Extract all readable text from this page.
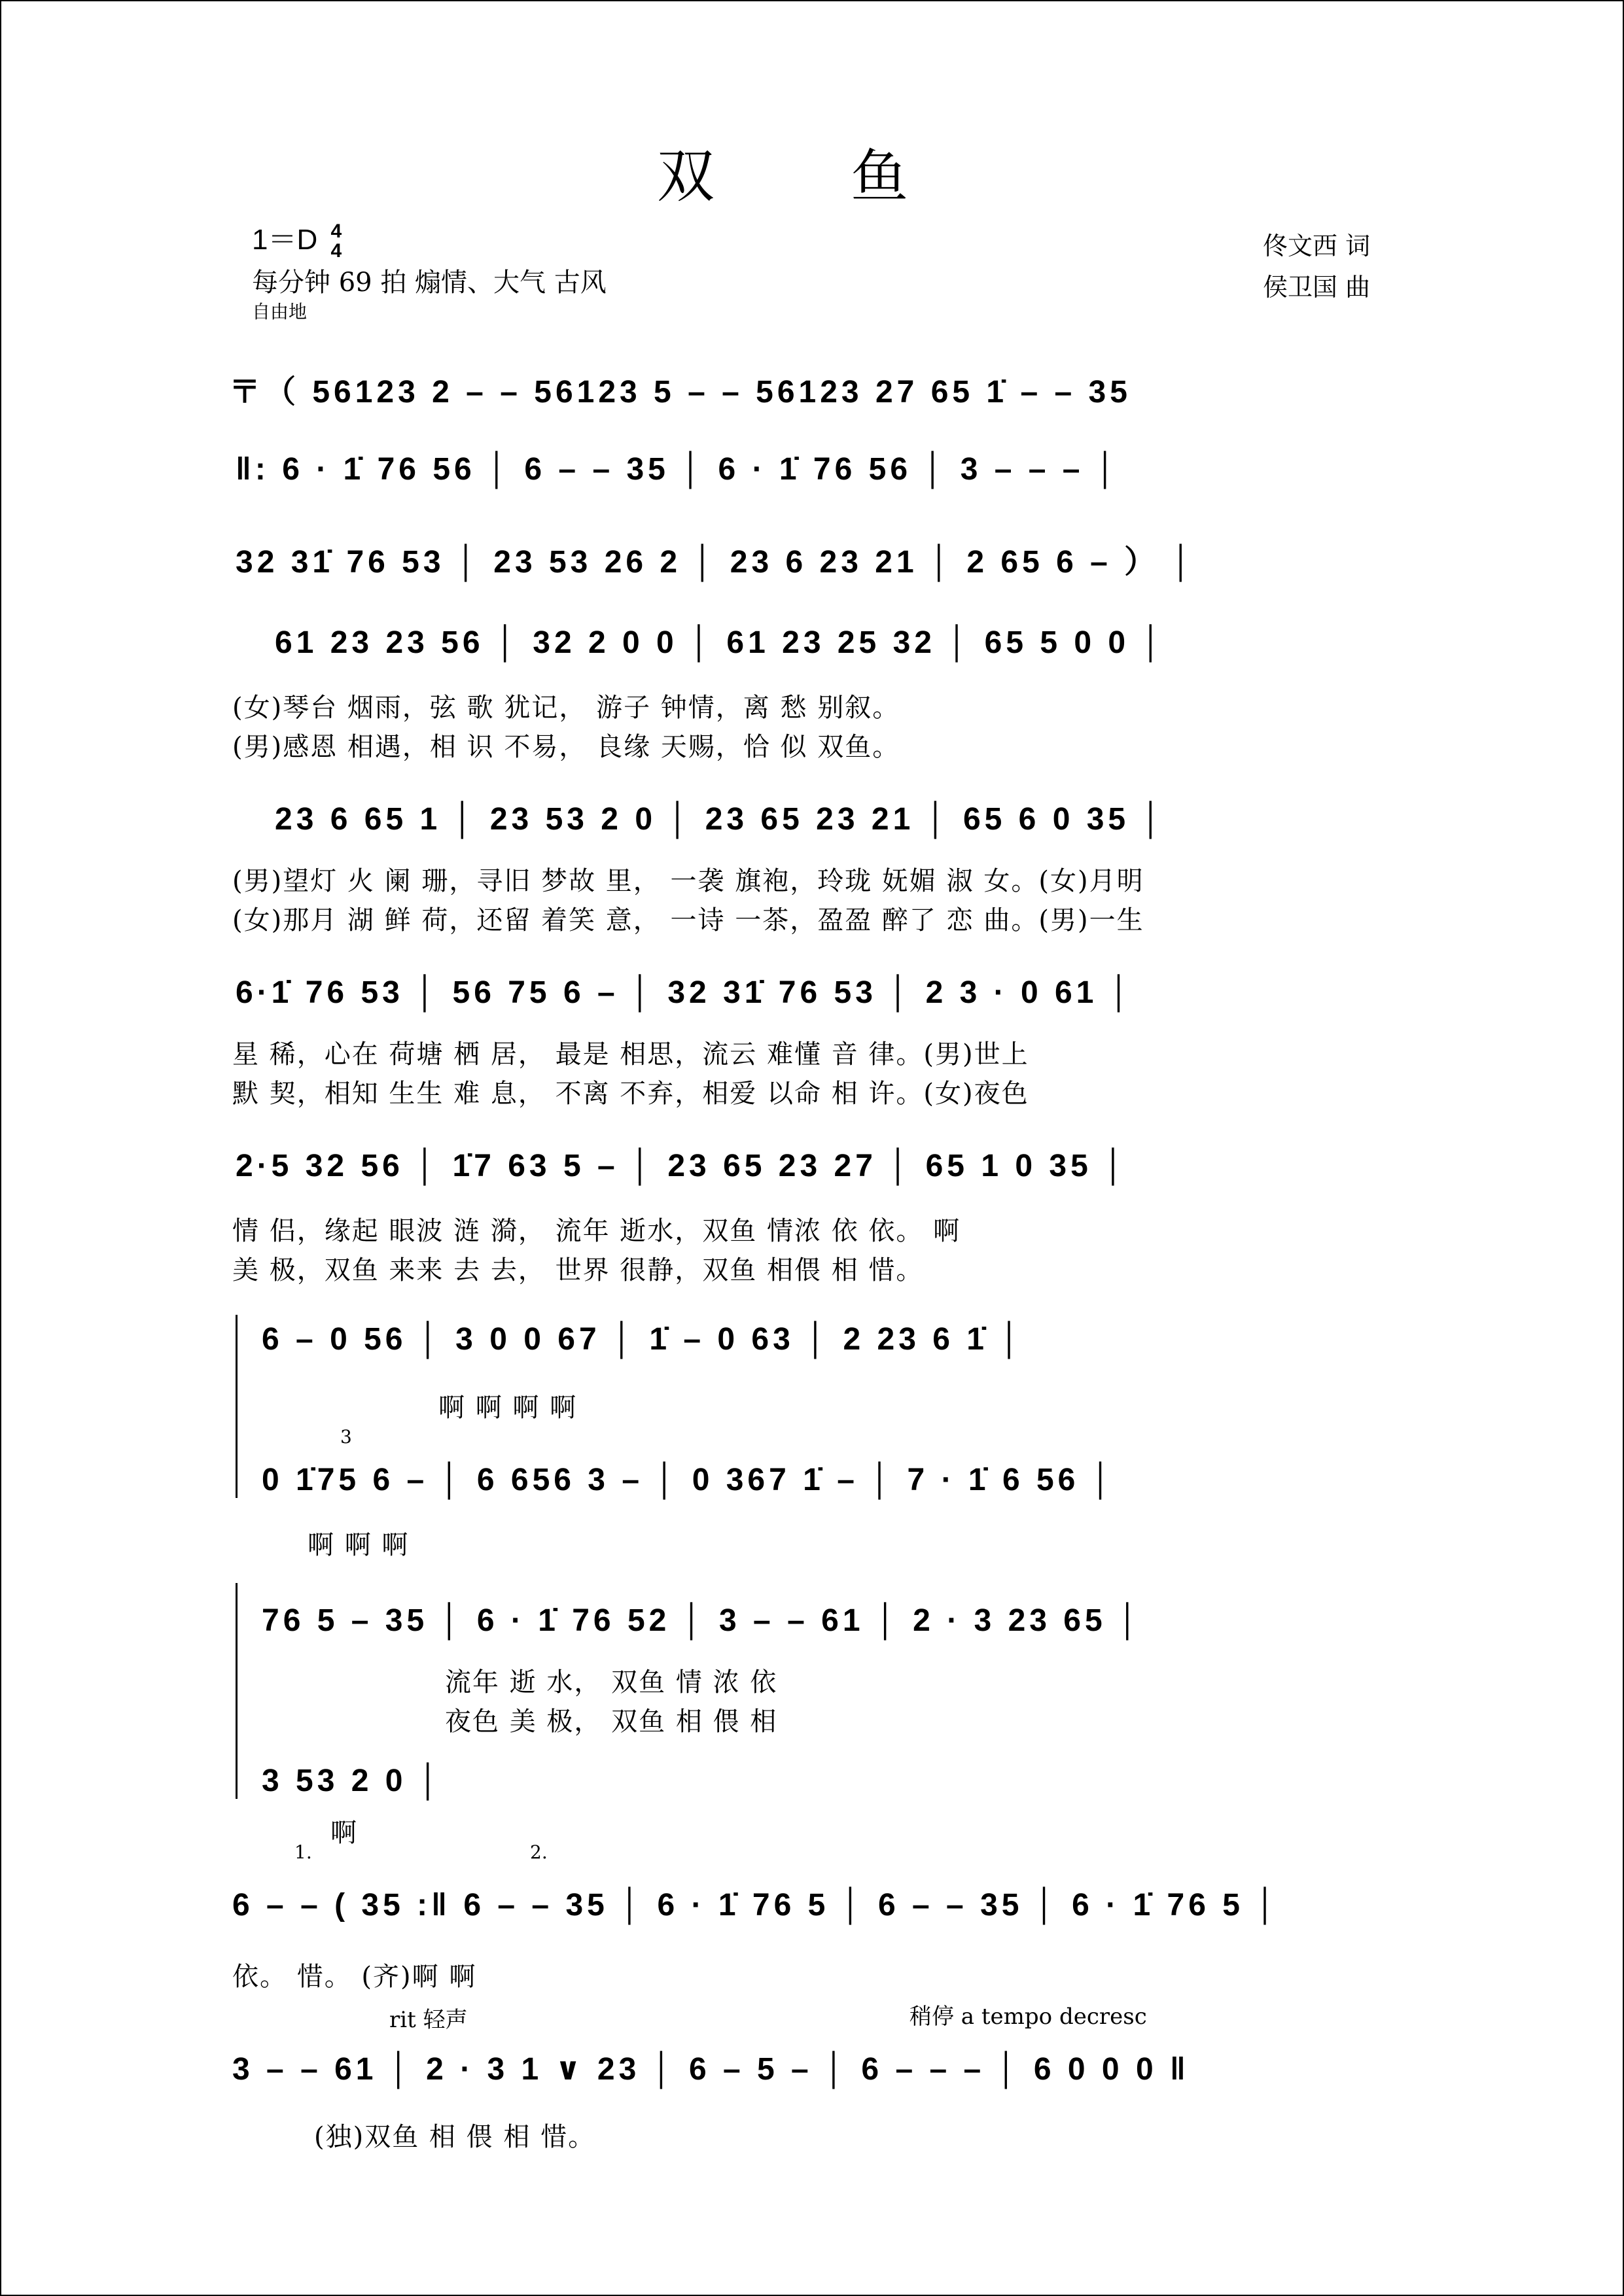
双 鱼
1＝D 4
4
每分钟 69 拍 煽情、大气 古风
自由地
佟文西 词
侯卫国 曲
〒（ 56123 2 – – 56123 5 – – 56123 27 65 1̇ – – 35
‖: 6 · 1̇ 76 56 │ 6 – – 35 │ 6 · 1̇ 76 56 │ 3 – – – │
32 31̇ 76 53 │ 23 53 26 2 │ 23 6 23 21 │ 2 65 6 – ） │
61 23 23 56 │ 32 2 0 0 │ 61 23 25 32 │ 65 5 0 0 │
(女)琴台 烟雨，弦 歌 犹记， 游子 钟情，离 愁 别叙。
(男)感恩 相遇，相 识 不易， 良缘 天赐，恰 似 双鱼。
23 6 65 1 │ 23 53 2 0 │ 23 65 23 21 │ 65 6 0 35 │
(男)望灯 火 阑 珊，寻旧 梦故 里， 一袭 旗袍，玲珑 妩媚 淑 女。(女)月明
(女)那月 湖 鲜 荷，还留 着笑 意， 一诗 一茶，盈盈 醉了 恋 曲。(男)一生
6·1̇ 76 53 │ 56 75 6 – │ 32 31̇ 76 53 │ 2 3 · 0 61 │
星 稀，心在 荷塘 栖 居， 最是 相思，流云 难懂 音 律。(男)世上
默 契，相知 生生 难 息， 不离 不弃，相爱 以命 相 许。(女)夜色
2·5 32 56 │ 1̇7 63 5 – │ 23 65 23 27 │ 65 1 0 35 │
情 侣，缘起 眼波 涟 漪， 流年 逝水，双鱼 情浓 依 依。 啊
美 极，双鱼 来来 去 去， 世界 很静，双鱼 相偎 相 惜。
6 – 0 56 │ 3 0 0 67 │ 1̇ – 0 63 │ 2 23 6 1̇ │
啊 啊 啊 啊
3
0 1̇75 6 – │ 6 656 3 – │ 0 367 1̇ – │ 7 · 1̇ 6 56 │
啊 啊 啊
76 5 – 35 │ 6 · 1̇ 76 52 │ 3 – – 61 │ 2 · 3 23 65 │
流年 逝 水， 双鱼 情 浓 依
夜色 美 极， 双鱼 相 偎 相
3 53 2 0 │
啊
1.	2.
6 – – ( 35 :‖ 6 – – 35 │ 6 · 1̇ 76 5 │ 6 – – 35 │ 6 · 1̇ 76 5 │
依。 惜。 (齐)啊 啊
rit 轻声	稍停 a tempo decresc
3 – – 61 │ 2 · 3 1 ∨ 23 │ 6 – 5 – │ 6 – – – │ 6 0 0 0 ‖
(独)双鱼 相 偎 相 惜。
